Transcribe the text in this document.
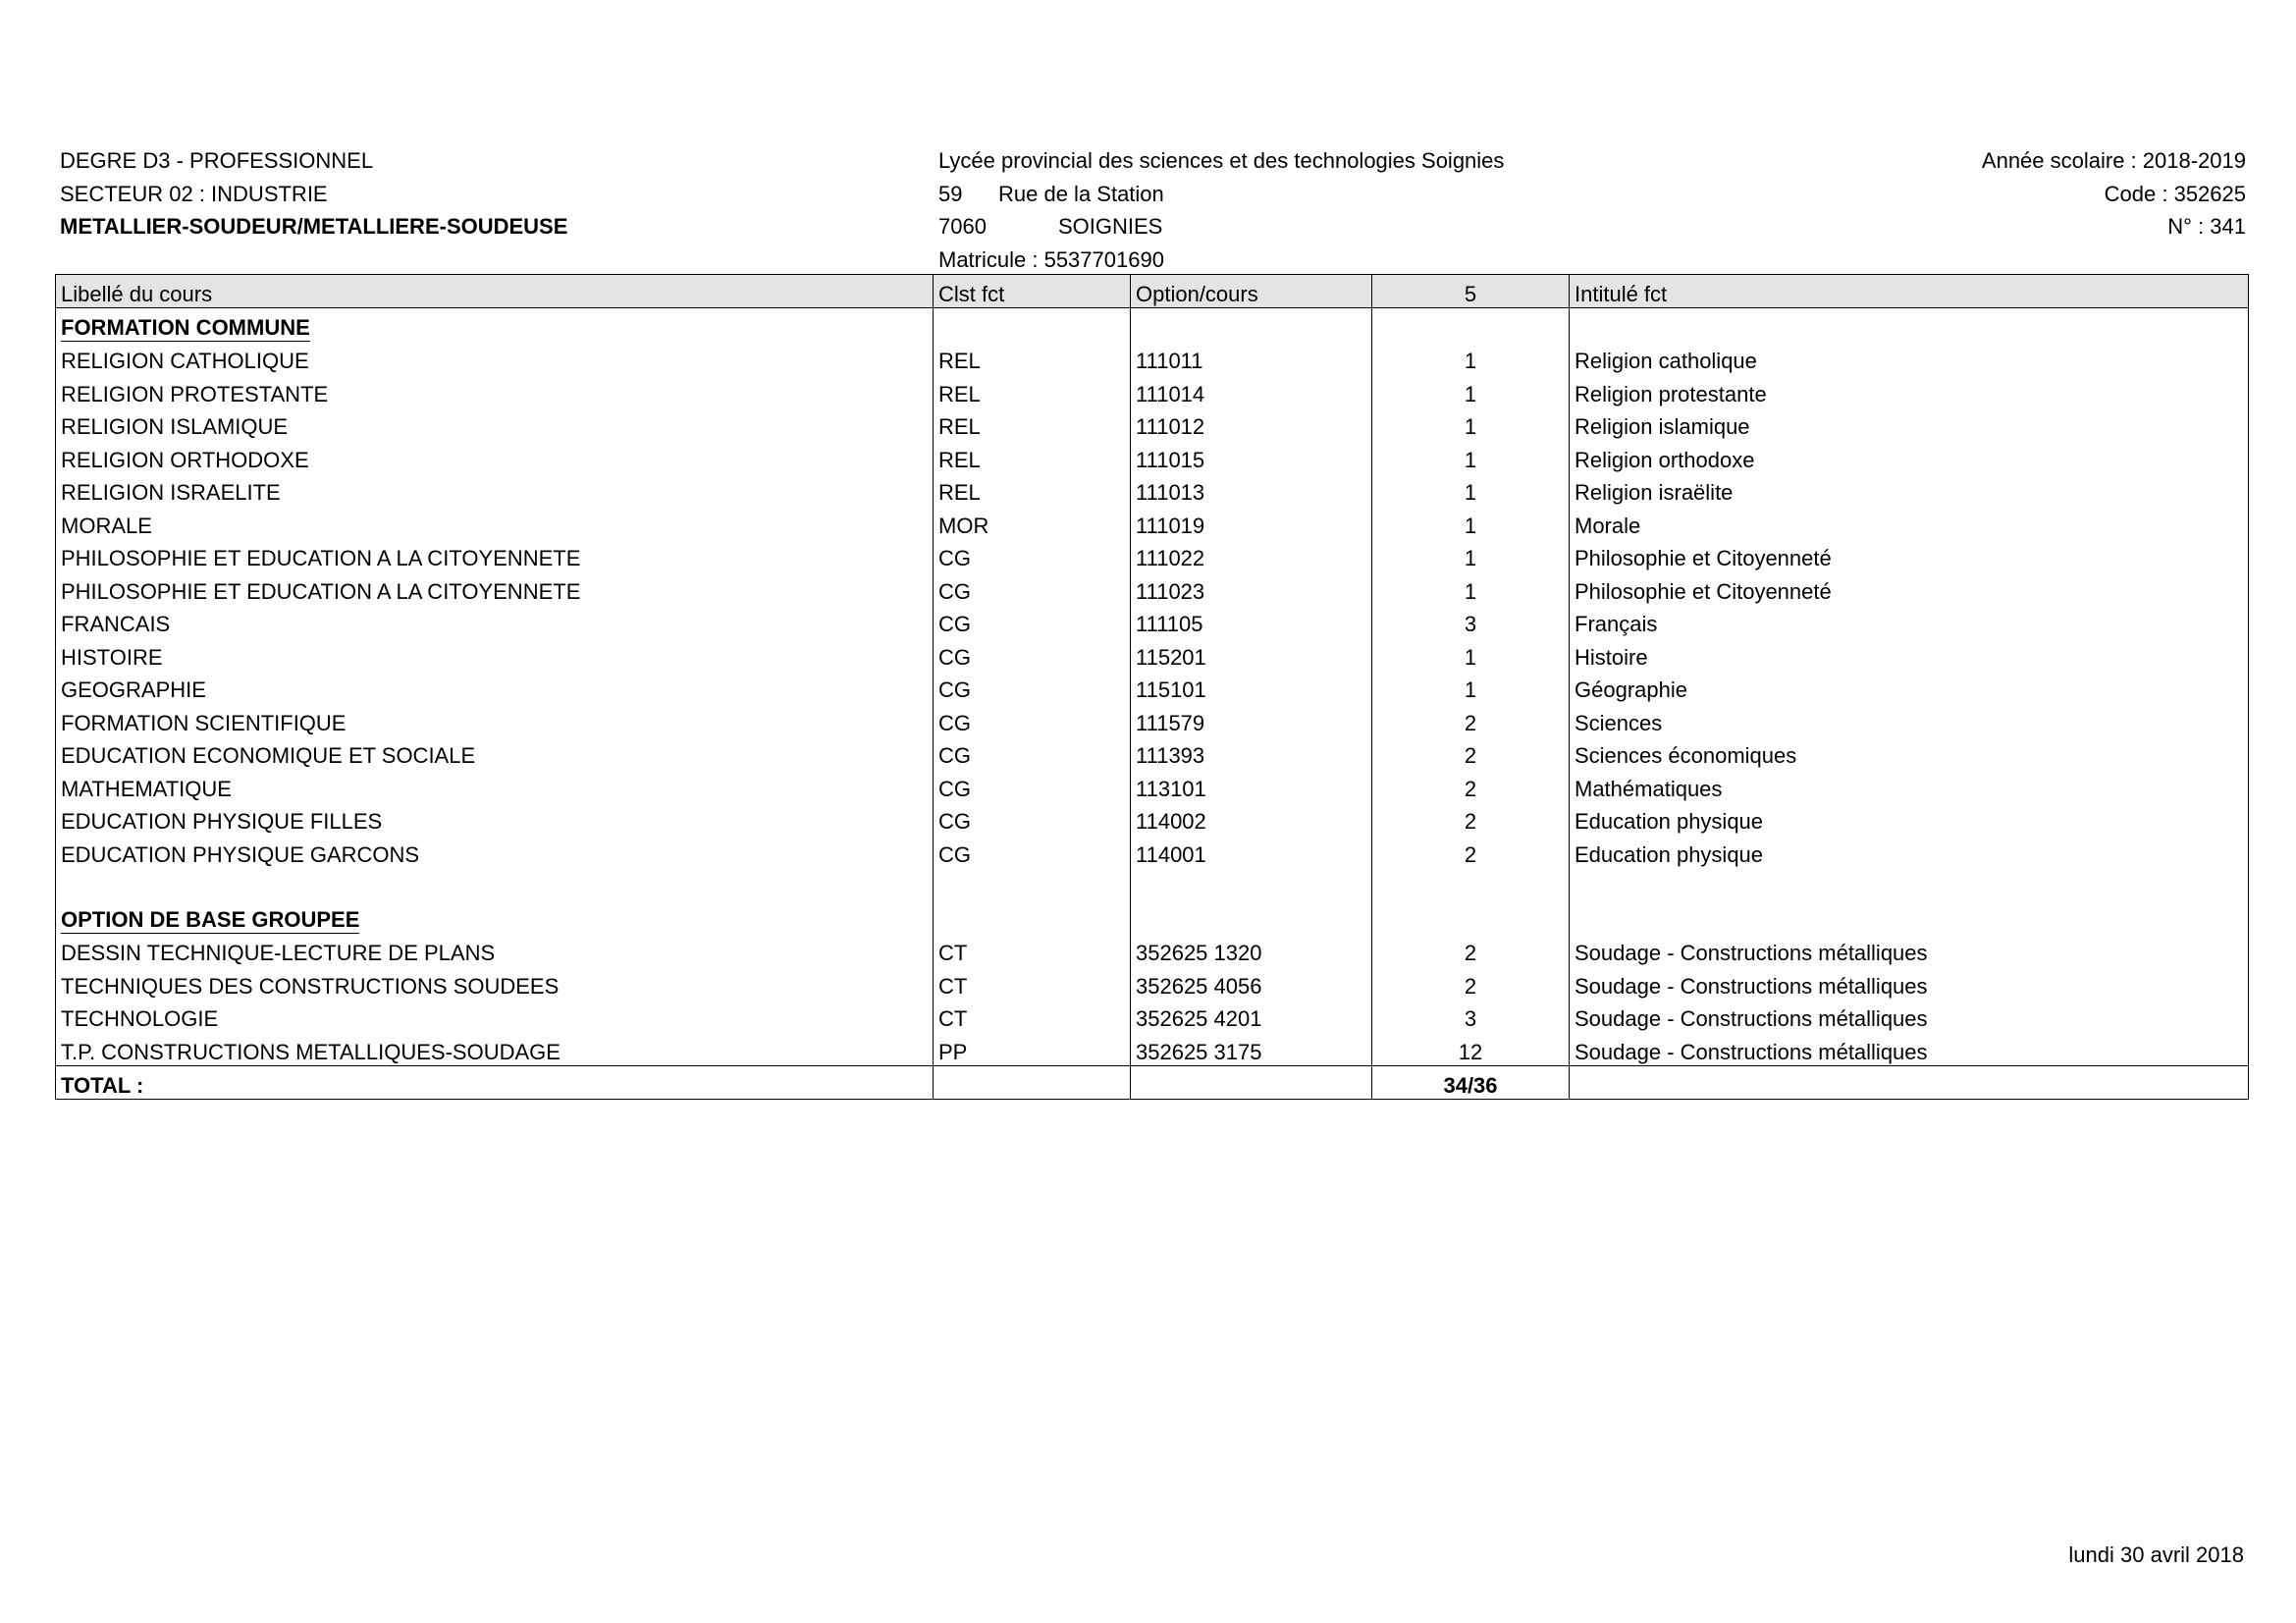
DEGRE D3 - PROFESSIONNEL
SECTEUR 02 : INDUSTRIE
METALLIER-SOUDEUR/METALLIERE-SOUDEUSE
Lycée provincial des sciences et des technologies Soignies
59 Rue de la Station
7060	SOIGNIES
Matricule : 5537701690
Année scolaire : 2018-2019
Code : 352625
N° : 341
Libellé du cours	Clst fct	Option/cours	5	Intitulé fct
FORMATION COMMUNE				
RELIGION CATHOLIQUE	REL	111011	1	Religion catholique
RELIGION PROTESTANTE	REL	111014	1	Religion protestante
RELIGION ISLAMIQUE	REL	111012	1	Religion islamique
RELIGION ORTHODOXE	REL	111015	1	Religion orthodoxe
RELIGION ISRAELITE	REL	111013	1	Religion israëlite
MORALE	MOR	111019	1	Morale
PHILOSOPHIE ET EDUCATION A LA CITOYENNETE	CG	111022	1	Philosophie et Citoyenneté
PHILOSOPHIE ET EDUCATION A LA CITOYENNETE	CG	111023	1	Philosophie et Citoyenneté
FRANCAIS	CG	111105	3	Français
HISTOIRE	CG	115201	1	Histoire
GEOGRAPHIE	CG	115101	1	Géographie
FORMATION SCIENTIFIQUE	CG	111579	2	Sciences
EDUCATION ECONOMIQUE ET SOCIALE	CG	111393	2	Sciences économiques
MATHEMATIQUE	CG	113101	2	Mathématiques
EDUCATION PHYSIQUE FILLES	CG	114002	2	Education physique
EDUCATION PHYSIQUE GARCONS	CG	114001	2	Education physique

OPTION DE BASE GROUPEE				
DESSIN TECHNIQUE-LECTURE DE PLANS	CT	352625 1320	2	Soudage - Constructions métalliques
TECHNIQUES DES CONSTRUCTIONS SOUDEES	CT	352625 4056	2	Soudage - Constructions métalliques
TECHNOLOGIE	CT	352625 4201	3	Soudage - Constructions métalliques
T.P. CONSTRUCTIONS METALLIQUES-SOUDAGE	PP	352625 3175	12	Soudage - Constructions métalliques
TOTAL :			34/36	
lundi 30 avril 2018
